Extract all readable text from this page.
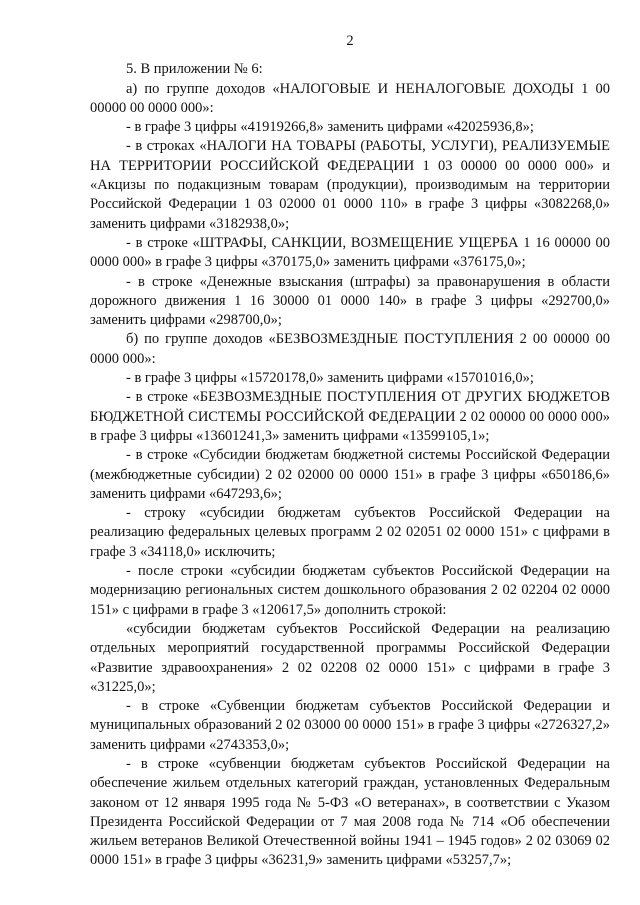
2

5. В приложении № 6:

а) по группе доходов «НАЛОГОВЫЕ И НЕНАЛОГОВЫЕ ДОХОДЫ 1 00 00000 00 0000 000»:

- в графе 3 цифры «41919266,8» заменить цифрами «42025936,8»;

- в строках «НАЛОГИ НА ТОВАРЫ (РАБОТЫ, УСЛУГИ), РЕАЛИЗУЕМЫЕ НА ТЕРРИТОРИИ РОССИЙСКОЙ ФЕДЕРАЦИИ 1 03 00000 00 0000 000» и «Акцизы по подакцизным товарам (продукции), производимым на территории Российской Федерации 1 03 02000 01 0000 110» в графе 3 цифры «3082268,0» заменить цифрами «3182938,0»;

- в строке «ШТРАФЫ, САНКЦИИ, ВОЗМЕЩЕНИЕ УЩЕРБА 1 16 00000 00 0000 000» в графе 3 цифры «370175,0» заменить цифрами «376175,0»;

- в строке «Денежные взыскания (штрафы) за правонарушения в области дорожного движения 1 16 30000 01 0000 140» в графе 3 цифры «292700,0» заменить цифрами «298700,0»;

б) по группе доходов «БЕЗВОЗМЕЗДНЫЕ ПОСТУПЛЕНИЯ 2 00 00000 00 0000 000»:

- в графе 3 цифры «15720178,0» заменить цифрами «15701016,0»;

- в строке «БЕЗВОЗМЕЗДНЫЕ ПОСТУПЛЕНИЯ ОТ ДРУГИХ БЮДЖЕТОВ БЮДЖЕТНОЙ СИСТЕМЫ РОССИЙСКОЙ ФЕДЕРАЦИИ 2 02 00000 00 0000 000» в графе 3 цифры «13601241,3» заменить цифрами «13599105,1»;

- в строке «Субсидии бюджетам бюджетной системы Российской Федерации (межбюджетные субсидии) 2 02 02000 00 0000 151» в графе 3 цифры «650186,6» заменить цифрами «647293,6»;

- строку «субсидии бюджетам субъектов Российской Федерации на реализацию федеральных целевых программ 2 02 02051 02 0000 151» с цифрами в графе 3 «34118,0» исключить;

- после строки «субсидии бюджетам субъектов Российской Федерации на модернизацию региональных систем дошкольного образования 2 02 02204 02 0000 151» с цифрами в графе 3 «120617,5» дополнить строкой:

«субсидии бюджетам субъектов Российской Федерации на реализацию отдельных мероприятий государственной программы Российской Федерации «Развитие здравоохранения» 2 02 02208 02 0000 151» с цифрами в графе 3 «31225,0»;

- в строке «Субвенции бюджетам субъектов Российской Федерации и муниципальных образований 2 02 03000 00 0000 151» в графе 3 цифры «2726327,2» заменить цифрами «2743353,0»;

- в строке «субвенции бюджетам субъектов Российской Федерации на обеспечение жильем отдельных категорий граждан, установленных Федеральным законом от 12 января 1995 года № 5-ФЗ «О ветеранах», в соответствии с Указом Президента Российской Федерации от 7 мая 2008 года № 714 «Об обеспечении жильем ветеранов Великой Отечественной войны 1941 – 1945 годов» 2 02 03069 02 0000 151» в графе 3 цифры «36231,9» заменить цифрами «53257,7»;
